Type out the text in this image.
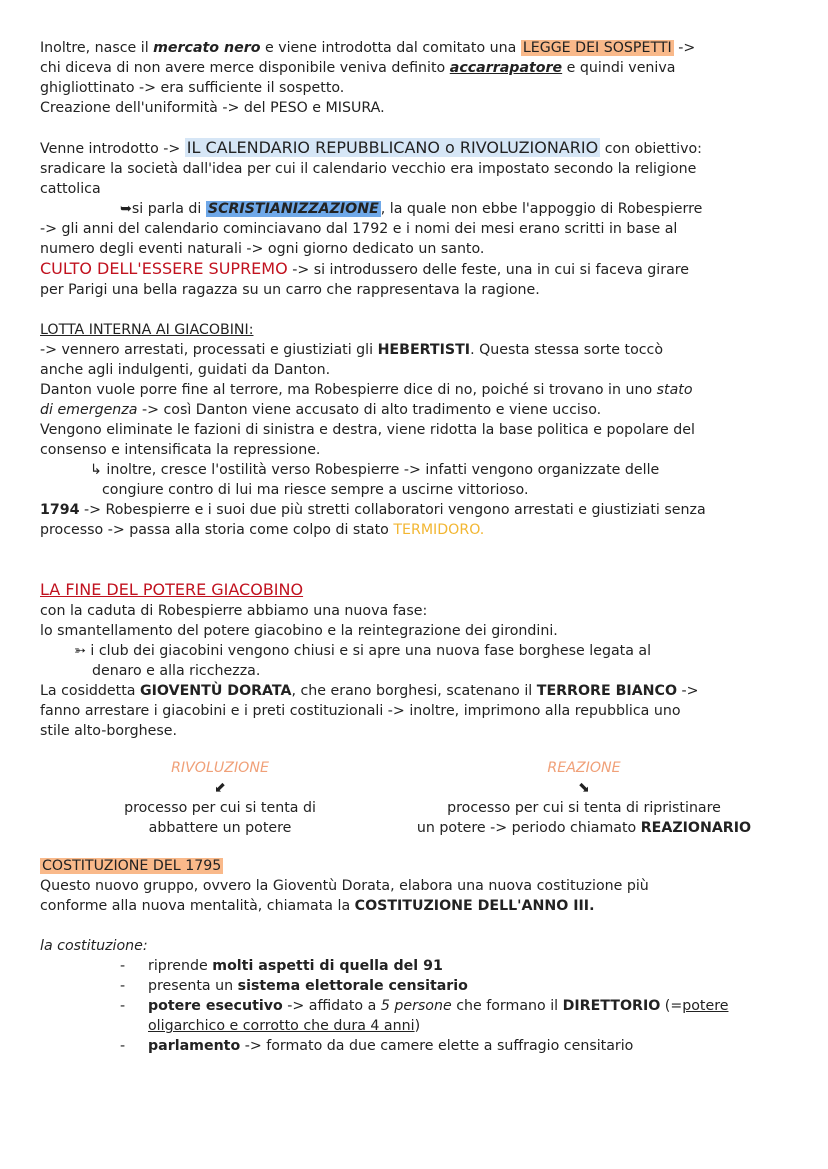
Inoltre, nasce il mercato nero e viene introdotta dal comitato una LEGGE DEI SOSPETTI ->
chi diceva di non avere merce disponibile veniva definito accarrapatore e quindi veniva
ghigliottinato -> era sufficiente il sospetto.
Creazione dell'uniformità -> del PESO e MISURA.
Venne introdotto -> IL CALENDARIO REPUBBLICANO o RIVOLUZIONARIO con obiettivo:
sradicare la società dall'idea per cui il calendario vecchio era impostato secondo la religione
cattolica
➥si parla di SCRISTIANIZZAZIONE , la quale non ebbe l'appoggio di Robespierre
-> gli anni del calendario cominciavano dal 1792 e i nomi dei mesi erano scritti in base al
numero degli eventi naturali -> ogni giorno dedicato un santo.
CULTO DELL'ESSERE SUPREMO -> si introdussero delle feste, una in cui si faceva girare
per Parigi una bella ragazza su un carro che rappresentava la ragione.
LOTTA INTERNA AI GIACOBINI:
-> vennero arrestati, processati e giustiziati gli HEBERTISTI. Questa stessa sorte toccò
anche agli indulgenti, guidati da Danton.
Danton vuole porre fine al terrore, ma Robespierre dice di no, poiché si trovano in uno stato
di emergenza -> così Danton viene accusato di alto tradimento e viene ucciso.
Vengono eliminate le fazioni di sinistra e destra, viene ridotta la base politica e popolare del
consenso e intensificata la repressione.
↳ inoltre, cresce l'ostilità verso Robespierre -> infatti vengono organizzate delle
congiure contro di lui ma riesce sempre a uscirne vittorioso.
1794 -> Robespierre e i suoi due più stretti collaboratori vengono arrestati e giustiziati senza
processo -> passa alla storia come colpo di stato TERMIDORO.
LA FINE DEL POTERE GIACOBINO
con la caduta di Robespierre abbiamo una nuova fase:
lo smantellamento del potere giacobino e la reintegrazione dei girondini.
➳ i club dei giacobini vengono chiusi e si apre una nuova fase borghese legata al
denaro e alla ricchezza.
La cosiddetta GIOVENTÙ DORATA, che erano borghesi, scatenano il TERRORE BIANCO ->
fanno arrestare i giacobini e i preti costituzionali -> inoltre, imprimono alla repubblica uno
stile alto-borghese.
RIVOLUZIONE
⬋
processo per cui si tenta di
abbattere un potere
REAZIONE
⬊
processo per cui si tenta di ripristinare
un potere -> periodo chiamato REAZIONARIO
COSTITUZIONE DEL 1795
Questo nuovo gruppo, ovvero la Gioventù Dorata, elabora una nuova costituzione più
conforme alla nuova mentalità, chiamata la COSTITUZIONE DELL'ANNO III.

la costituzione:
- riprende molti aspetti di quella del 91
- presenta un sistema elettorale censitario
- potere esecutivo -> affidato a 5 persone che formano il DIRETTORIO (=potere oligarchico e corrotto che dura 4 anni)
- parlamento -> formato da due camere elette a suffragio censitario
